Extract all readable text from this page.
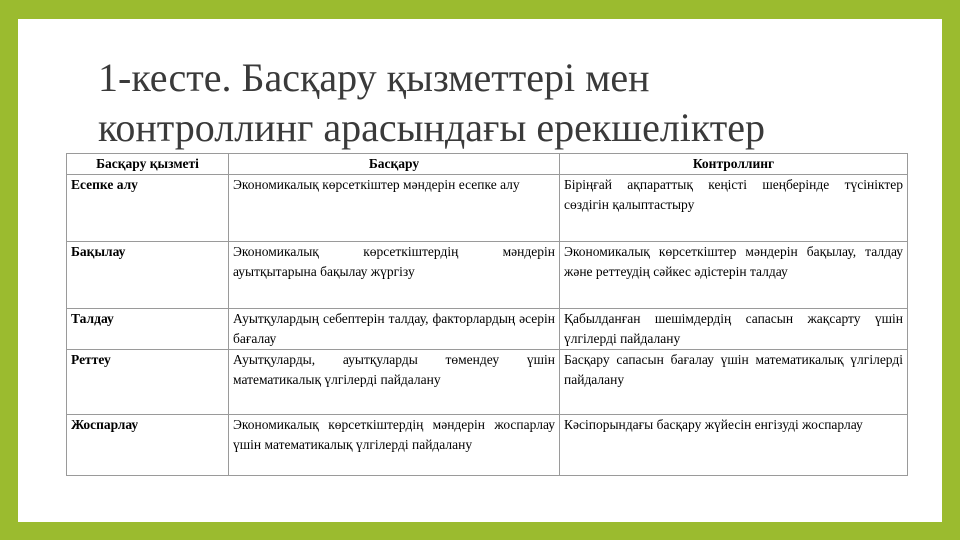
1-кесте. Басқару қызметтері мен
контроллинг арасындағы ерекшеліктер
Басқару қызметі	Басқару	Контроллинг
Есепке алу	Экономикалық көрсеткіштер мәндерін есепке алу	Біріңғай ақпараттық кеңісті шеңберінде түсініктер сөздігін қалыптастыру
Бақылау	Экономикалық көрсеткіштердің мәндерін ауытқытарына бақылау жүргізу	Экономикалық көрсеткіштер мәндерін бақылау, талдау және реттеудің сәйкес әдістерін талдау
Талдау	Ауытқулардың себептерін талдау, факторлардың әсерін бағалау	Қабылданған шешімдердің сапасын жақсарту үшін үлгілерді пайдалану
Реттеу	Ауытқуларды, ауытқуларды төмендеу үшін математикалық үлгілерді пайдалану	Басқару сапасын бағалау үшін математикалық үлгілерді пайдалану
Жоспарлау	Экономикалық көрсеткіштердің мәндерін жоспарлау үшін математикалық үлгілерді пайдалану	Кәсіпорындағы басқару жүйесін енгізуді жоспарлау
